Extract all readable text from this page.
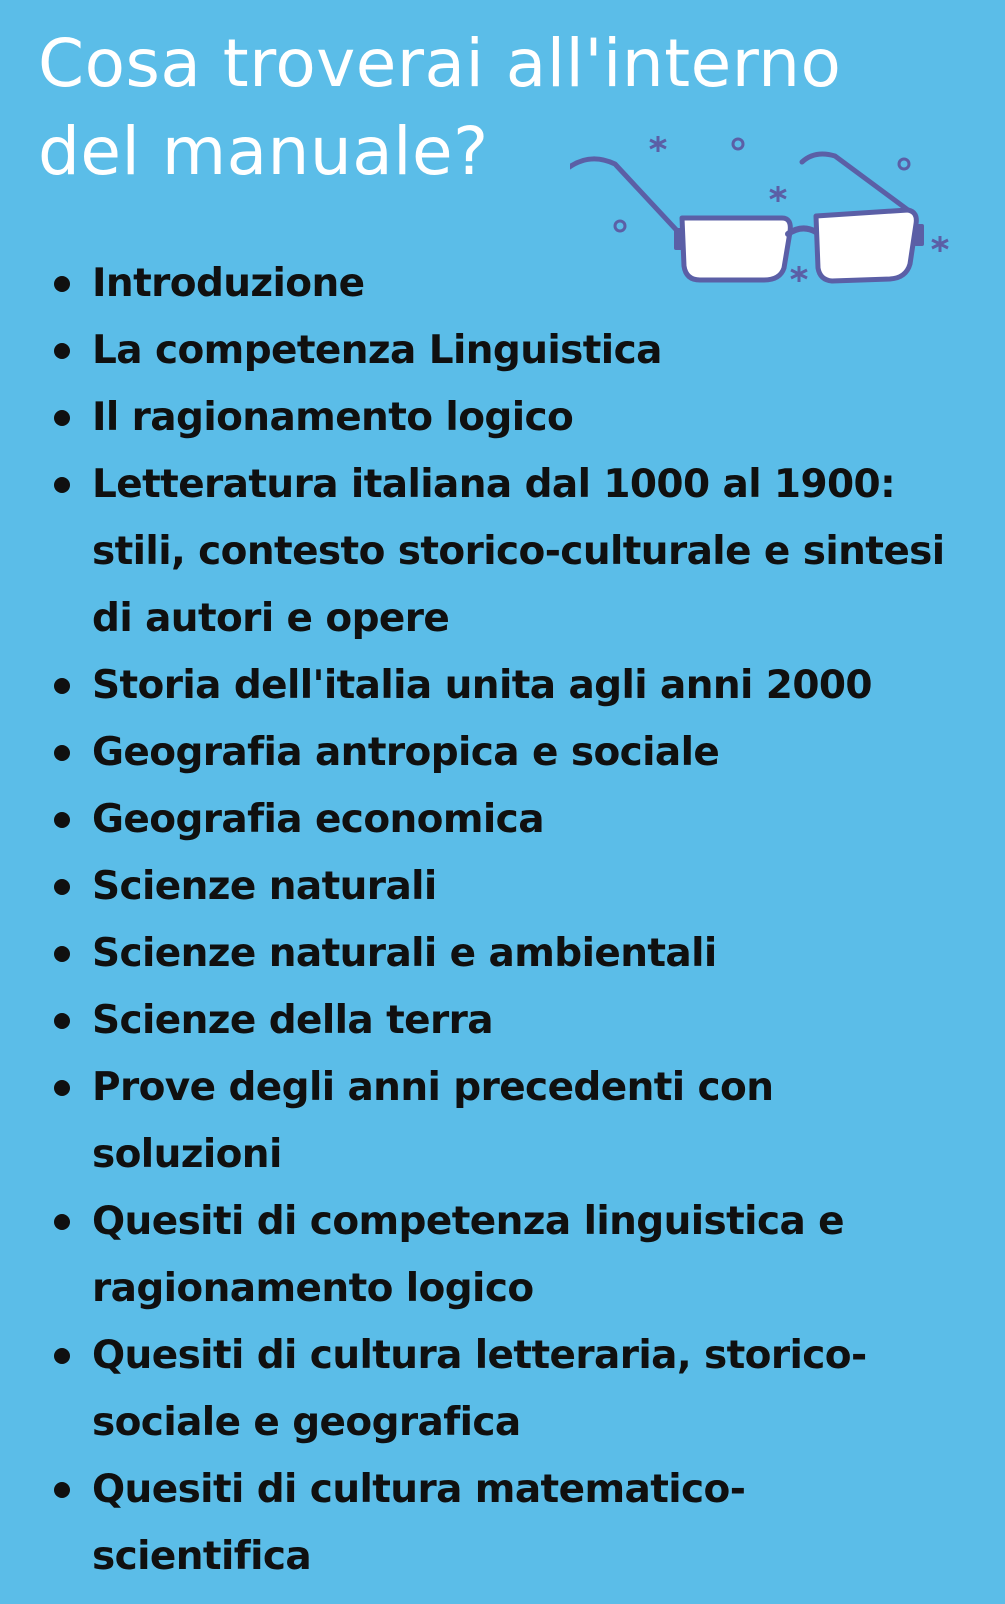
Cosa troverai all'interno
del manuale?
Introduzione
La competenza Linguistica
Il ragionamento logico
Letteratura italiana dal 1000 al 1900:
stili, contesto storico-culturale e sintesi
di autori e opere
Storia dell'italia unita agli anni 2000
Geografia antropica e sociale
Geografia economica
Scienze naturali
Scienze naturali e ambientali
Scienze della terra
Prove degli anni precedenti con
soluzioni
Quesiti di competenza linguistica e
ragionamento logico
Quesiti di cultura letteraria, storico-
sociale e geografica
Quesiti di cultura matematico-
scientifica
